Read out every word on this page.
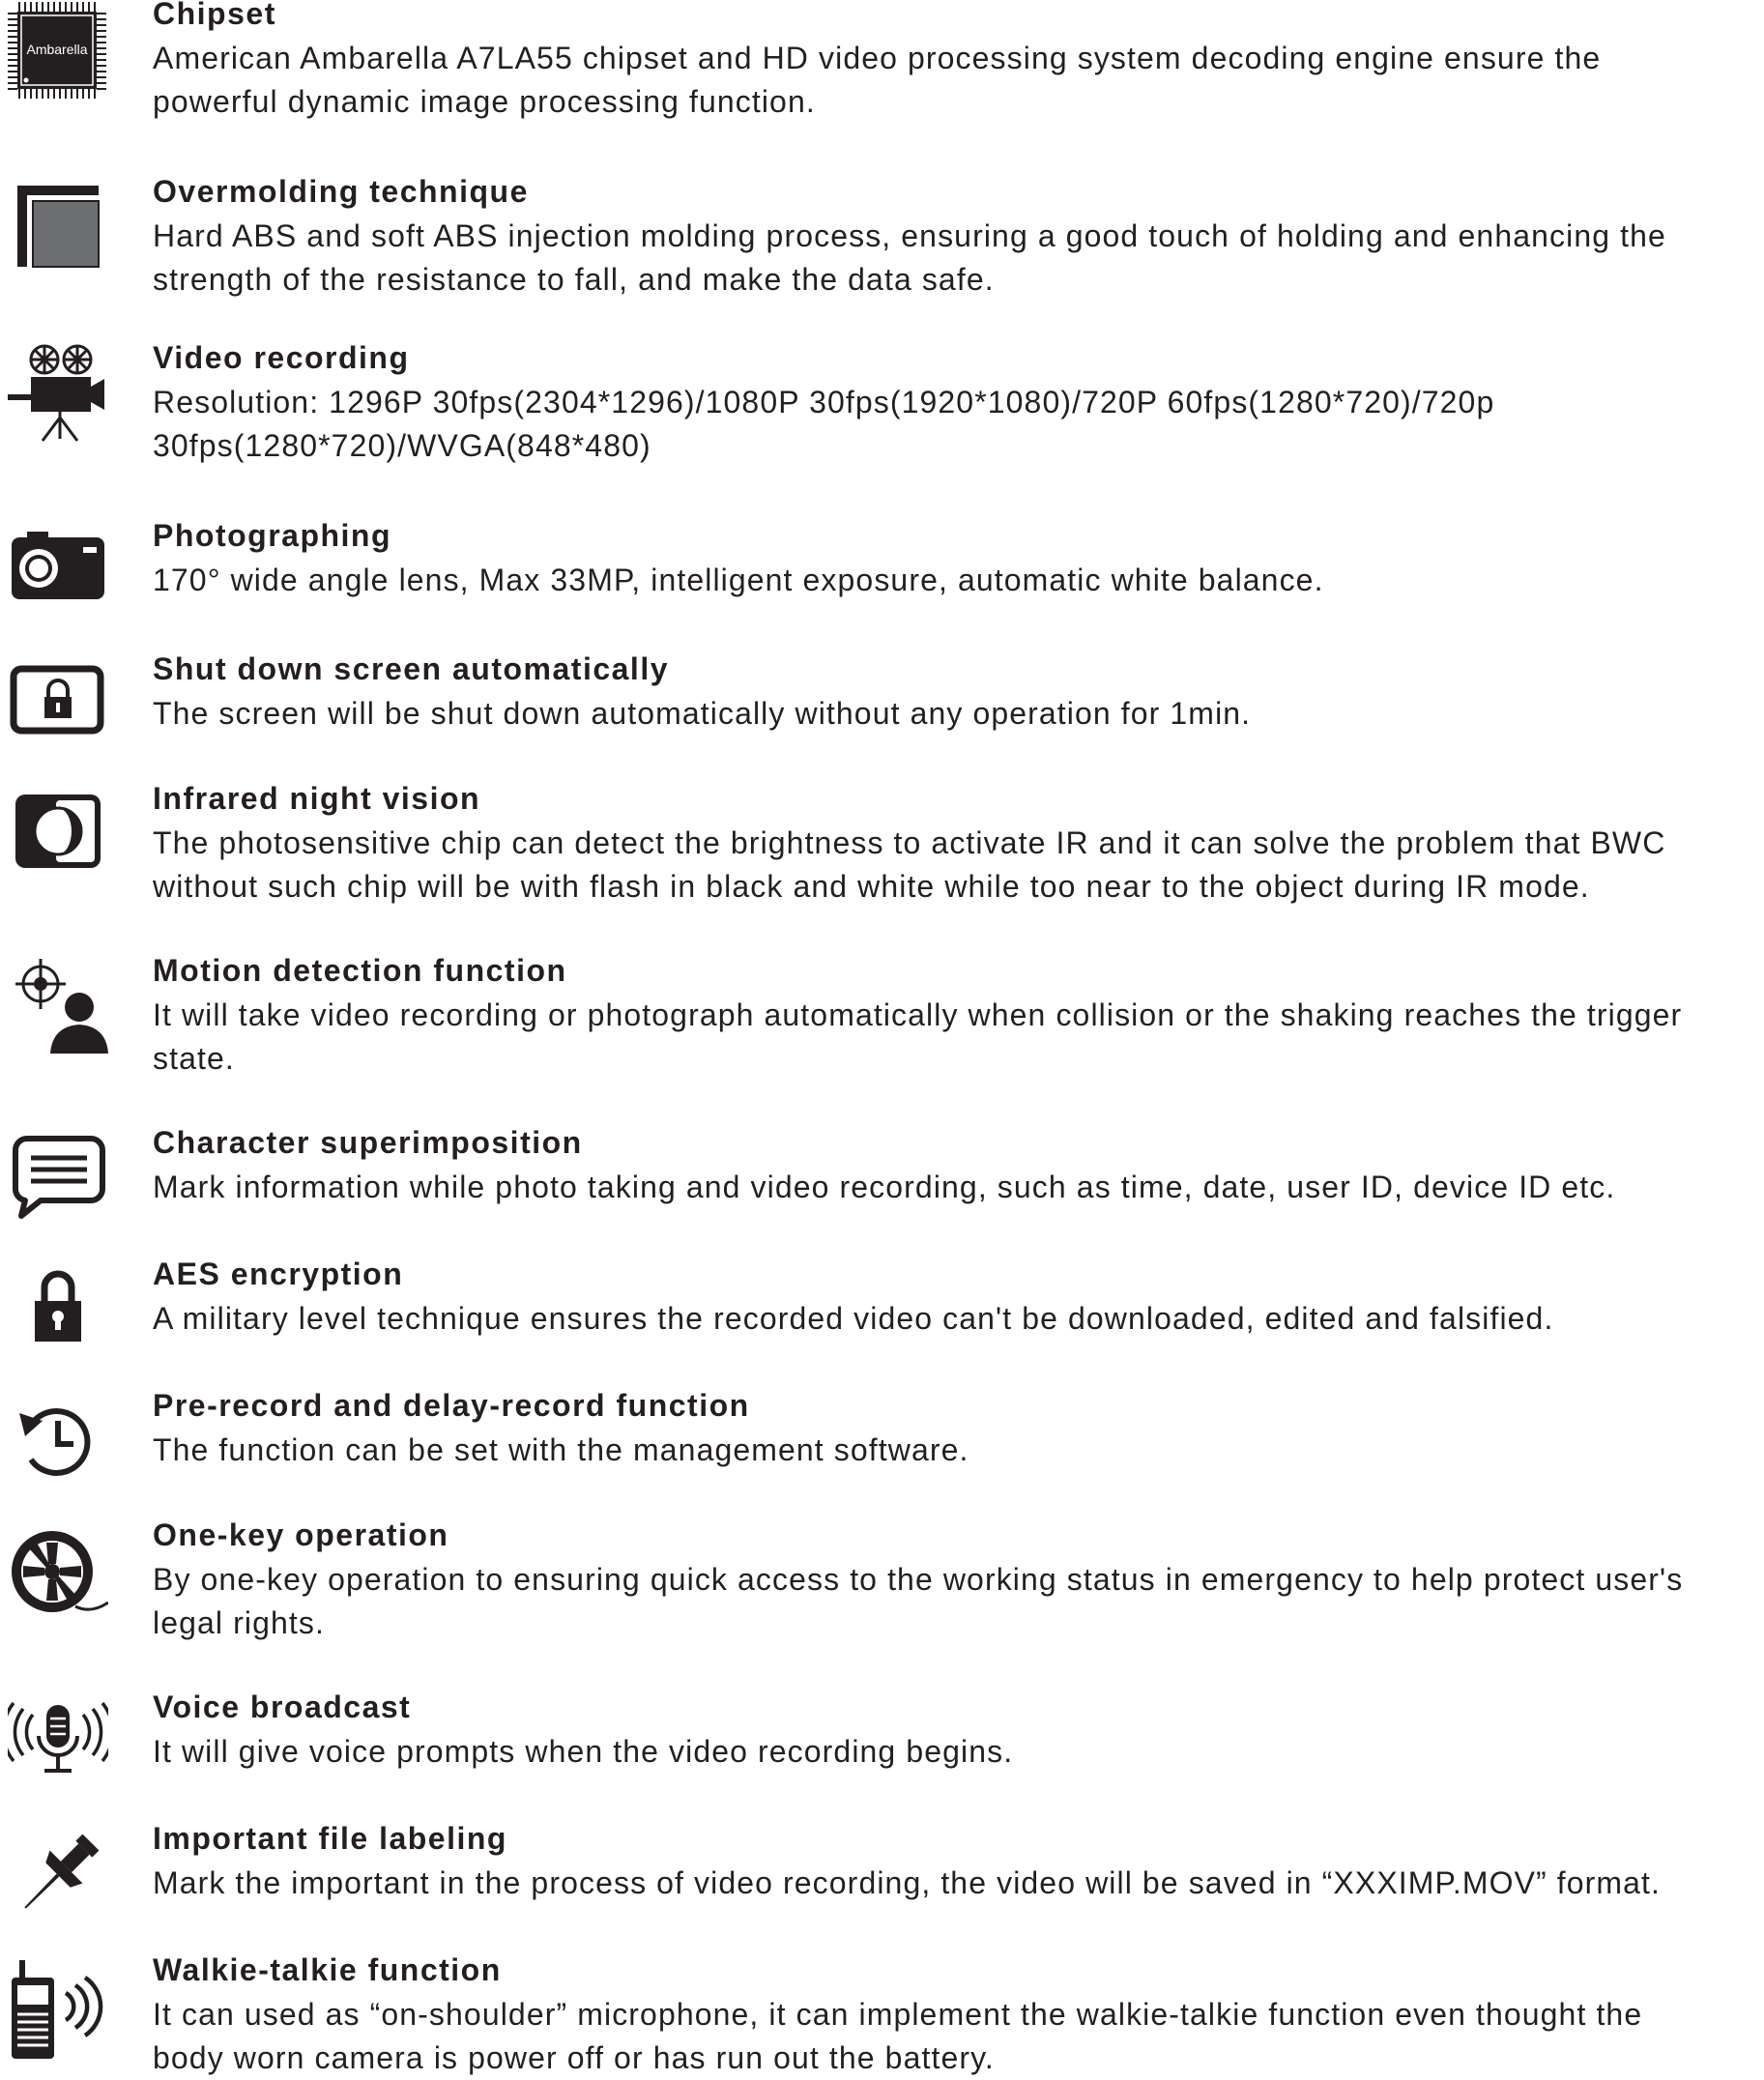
Ambarella
Chipset
American Ambarella A7LA55 chipset and HD video processing system decoding engine ensure the
powerful dynamic image processing function.
Overmolding technique
Hard ABS and soft ABS injection molding process, ensuring a good touch of holding and enhancing the
strength of the resistance to fall, and make the data safe.
Video recording
Resolution: 1296P 30fps(2304*1296)/1080P 30fps(1920*1080)/720P 60fps(1280*720)/720p
30fps(1280*720)/WVGA(848*480)
Photographing
170° wide angle lens, Max 33MP, intelligent exposure, automatic white balance.
Shut down screen automatically
The screen will be shut down automatically without any operation for 1min.
Infrared night vision
The photosensitive chip can detect the brightness to activate IR and it can solve the problem that BWC
without such chip will be with flash in black and white while too near to the object during IR mode.
Motion detection function
It will take video recording or photograph automatically when collision or the shaking reaches the trigger
state.
Character superimposition
Mark information while photo taking and video recording, such as time, date, user ID, device ID etc.
AES encryption
A military level technique ensures the recorded video can't be downloaded, edited and falsified.
Pre-record and delay-record function
The function can be set with the management software.
One-key operation
By one-key operation to ensuring quick access to the working status in emergency to help protect user's
legal rights.
Voice broadcast
It will give voice prompts when the video recording begins.
Important file labeling
Mark the important in the process of video recording, the video will be saved in “XXXIMP.MOV” format.
Walkie-talkie function
It can used as “on-shoulder” microphone, it can implement the walkie-talkie function even thought the
body worn camera is power off or has run out the battery.
